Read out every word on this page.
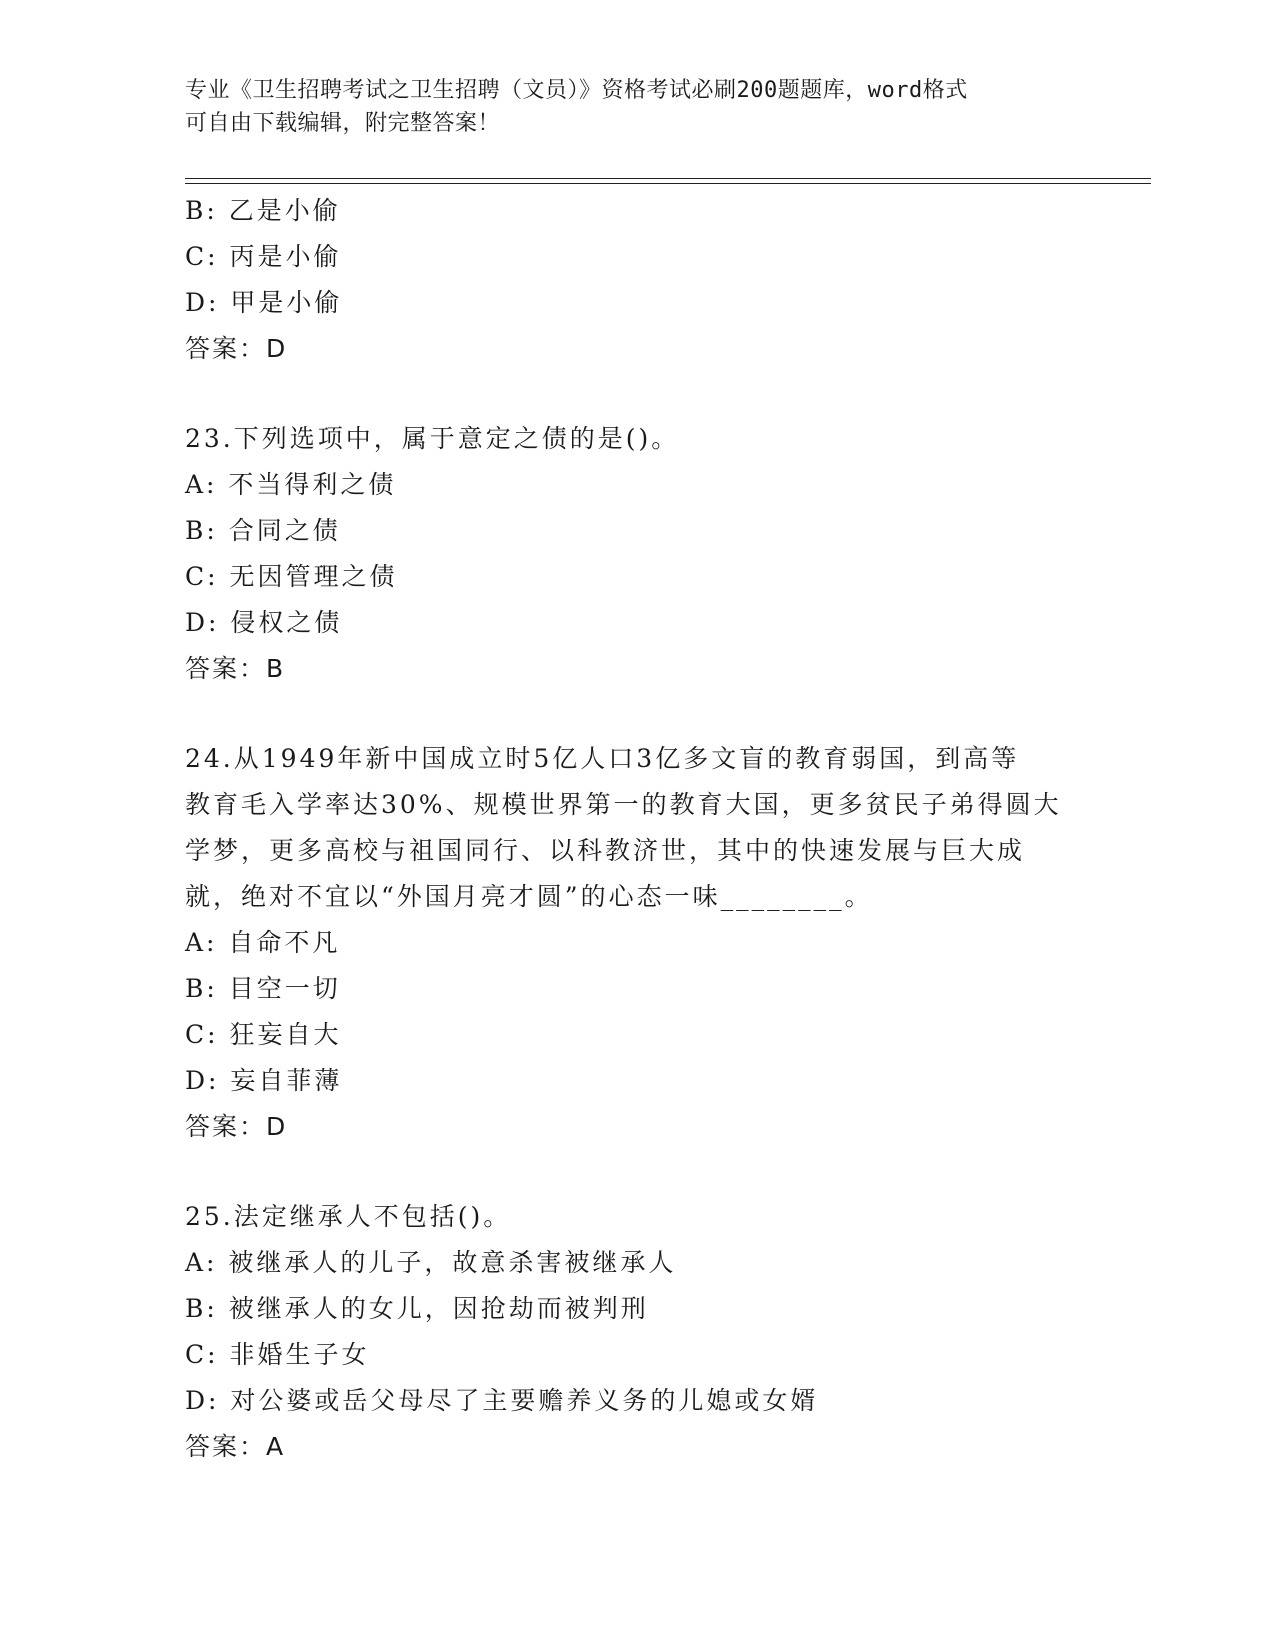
专业《卫生招聘考试之卫生招聘（文员）》资格考试必刷200题题库，word格式
可自由下载编辑，附完整答案！
B: 乙是小偷
C: 丙是小偷
D: 甲是小偷
答案：D
23.下列选项中，属于意定之债的是()。
A: 不当得利之债
B: 合同之债
C: 无因管理之债
D: 侵权之债
答案：B
24.从1949年新中国成立时5亿人口3亿多文盲的教育弱国，到高等
教育毛入学率达30%、规模世界第一的教育大国，更多贫民子弟得圆大
学梦，更多高校与祖国同行、以科教济世，其中的快速发展与巨大成
就，绝对不宜以“外国月亮才圆”的心态一味________。
A: 自命不凡
B: 目空一切
C: 狂妄自大
D: 妄自菲薄
答案：D
25.法定继承人不包括()。
A: 被继承人的儿子，故意杀害被继承人
B: 被继承人的女儿，因抢劫而被判刑
C: 非婚生子女
D: 对公婆或岳父母尽了主要赡养义务的儿媳或女婿
答案：A
